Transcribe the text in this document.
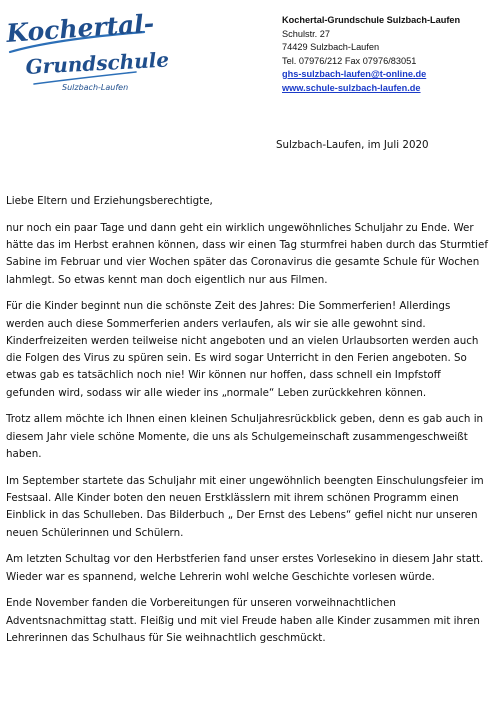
Kochertal-
Grundschule
Sulzbach-Laufen
Kochertal-Grundschule Sulzbach-Laufen
Schulstr. 27
74429 Sulzbach-Laufen
Tel. 07976/212 Fax 07976/83051
ghs-sulzbach-laufen@t-online.de
www.schule-sulzbach-laufen.de
Sulzbach-Laufen, im Juli 2020

Liebe Eltern und Erziehungsberechtigte,

nur noch ein paar Tage und dann geht ein wirklich ungewöhnliches Schuljahr zu Ende. Wer hätte das im Herbst erahnen können, dass wir einen Tag sturmfrei haben durch das Sturmtief Sabine im Februar und vier Wochen später das Coronavirus die gesamte Schule für Wochen lahmlegt. So etwas kennt man doch eigentlich nur aus Filmen.

Für die Kinder beginnt nun die schönste Zeit des Jahres: Die Sommerferien! Allerdings werden auch diese Sommerferien anders verlaufen, als wir sie alle gewohnt sind. Kinderfreizeiten werden teilweise nicht angeboten und an vielen Urlaubsorten werden auch die Folgen des Virus zu spüren sein. Es wird sogar Unterricht in den Ferien angeboten. So etwas gab es tatsächlich noch nie! Wir können nur hoffen, dass schnell ein Impfstoff gefunden wird, sodass wir alle wieder ins „normale“ Leben zurückkehren können.

Trotz allem möchte ich Ihnen einen kleinen Schuljahresrückblick geben, denn es gab auch in diesem Jahr viele schöne Momente, die uns als Schulgemeinschaft zusammengeschweißt haben.

Im September startete das Schuljahr mit einer ungewöhnlich beengten Einschulungsfeier im Festsaal. Alle Kinder boten den neuen Erstklässlern mit ihrem schönen Programm einen Einblick in das Schulleben. Das Bilderbuch „ Der Ernst des Lebens“ gefiel nicht nur unseren neuen Schülerinnen und Schülern.

Am letzten Schultag vor den Herbstferien fand unser erstes Vorlesekino in diesem Jahr statt. Wieder war es spannend, welche Lehrerin wohl welche Geschichte vorlesen würde.

Ende November fanden die Vorbereitungen für unseren vorweihnachtlichen Adventsnachmittag statt. Fleißig und mit viel Freude haben alle Kinder zusammen mit ihren Lehrerinnen das Schulhaus für Sie weihnachtlich geschmückt.
